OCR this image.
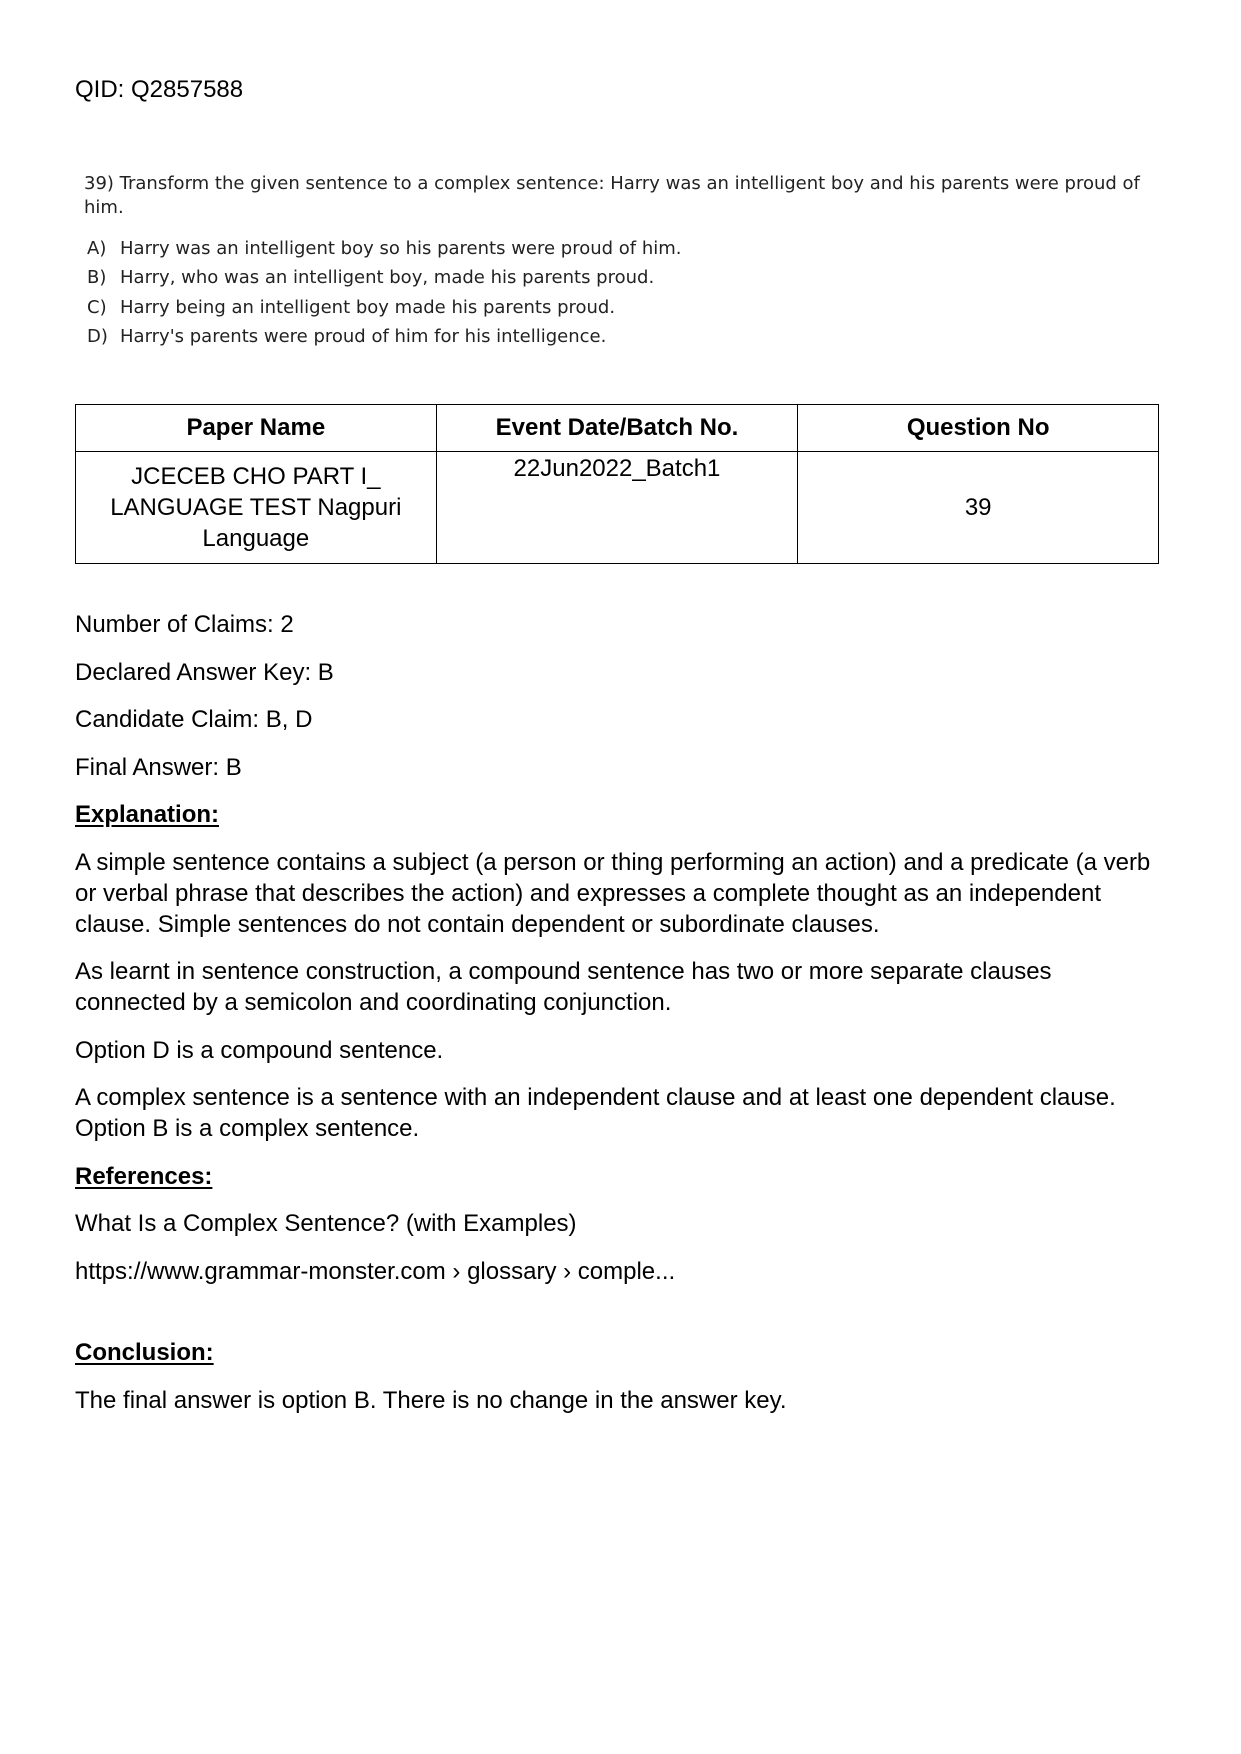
QID: Q2857588

39) Transform the given sentence to a complex sentence: Harry was an intelligent boy and his parents were proud of him.

A) Harry was an intelligent boy so his parents were proud of him.
B) Harry, who was an intelligent boy, made his parents proud.
C) Harry being an intelligent boy made his parents proud.
D) Harry's parents were proud of him for his intelligence.
Paper Name	Event Date/Batch No.	Question No
JCECEB CHO PART I_ LANGUAGE TEST Nagpuri Language	22Jun2022_Batch1	39

Number of Claims: 2

Declared Answer Key: B

Candidate Claim: B, D

Final Answer: B

Explanation:

A simple sentence contains a subject (a person or thing performing an action) and a predicate (a verb or verbal phrase that describes the action) and expresses a complete thought as an independent clause. Simple sentences do not contain dependent or subordinate clauses.

As learnt in sentence construction, a compound sentence has two or more separate clauses connected by a semicolon and coordinating conjunction.

Option D is a compound sentence.

A complex sentence is a sentence with an independent clause and at least one dependent clause. Option B is a complex sentence.

References:

What Is a Complex Sentence? (with Examples)

https://www.grammar-monster.com › glossary › comple...

Conclusion:

The final answer is option B. There is no change in the answer key.
